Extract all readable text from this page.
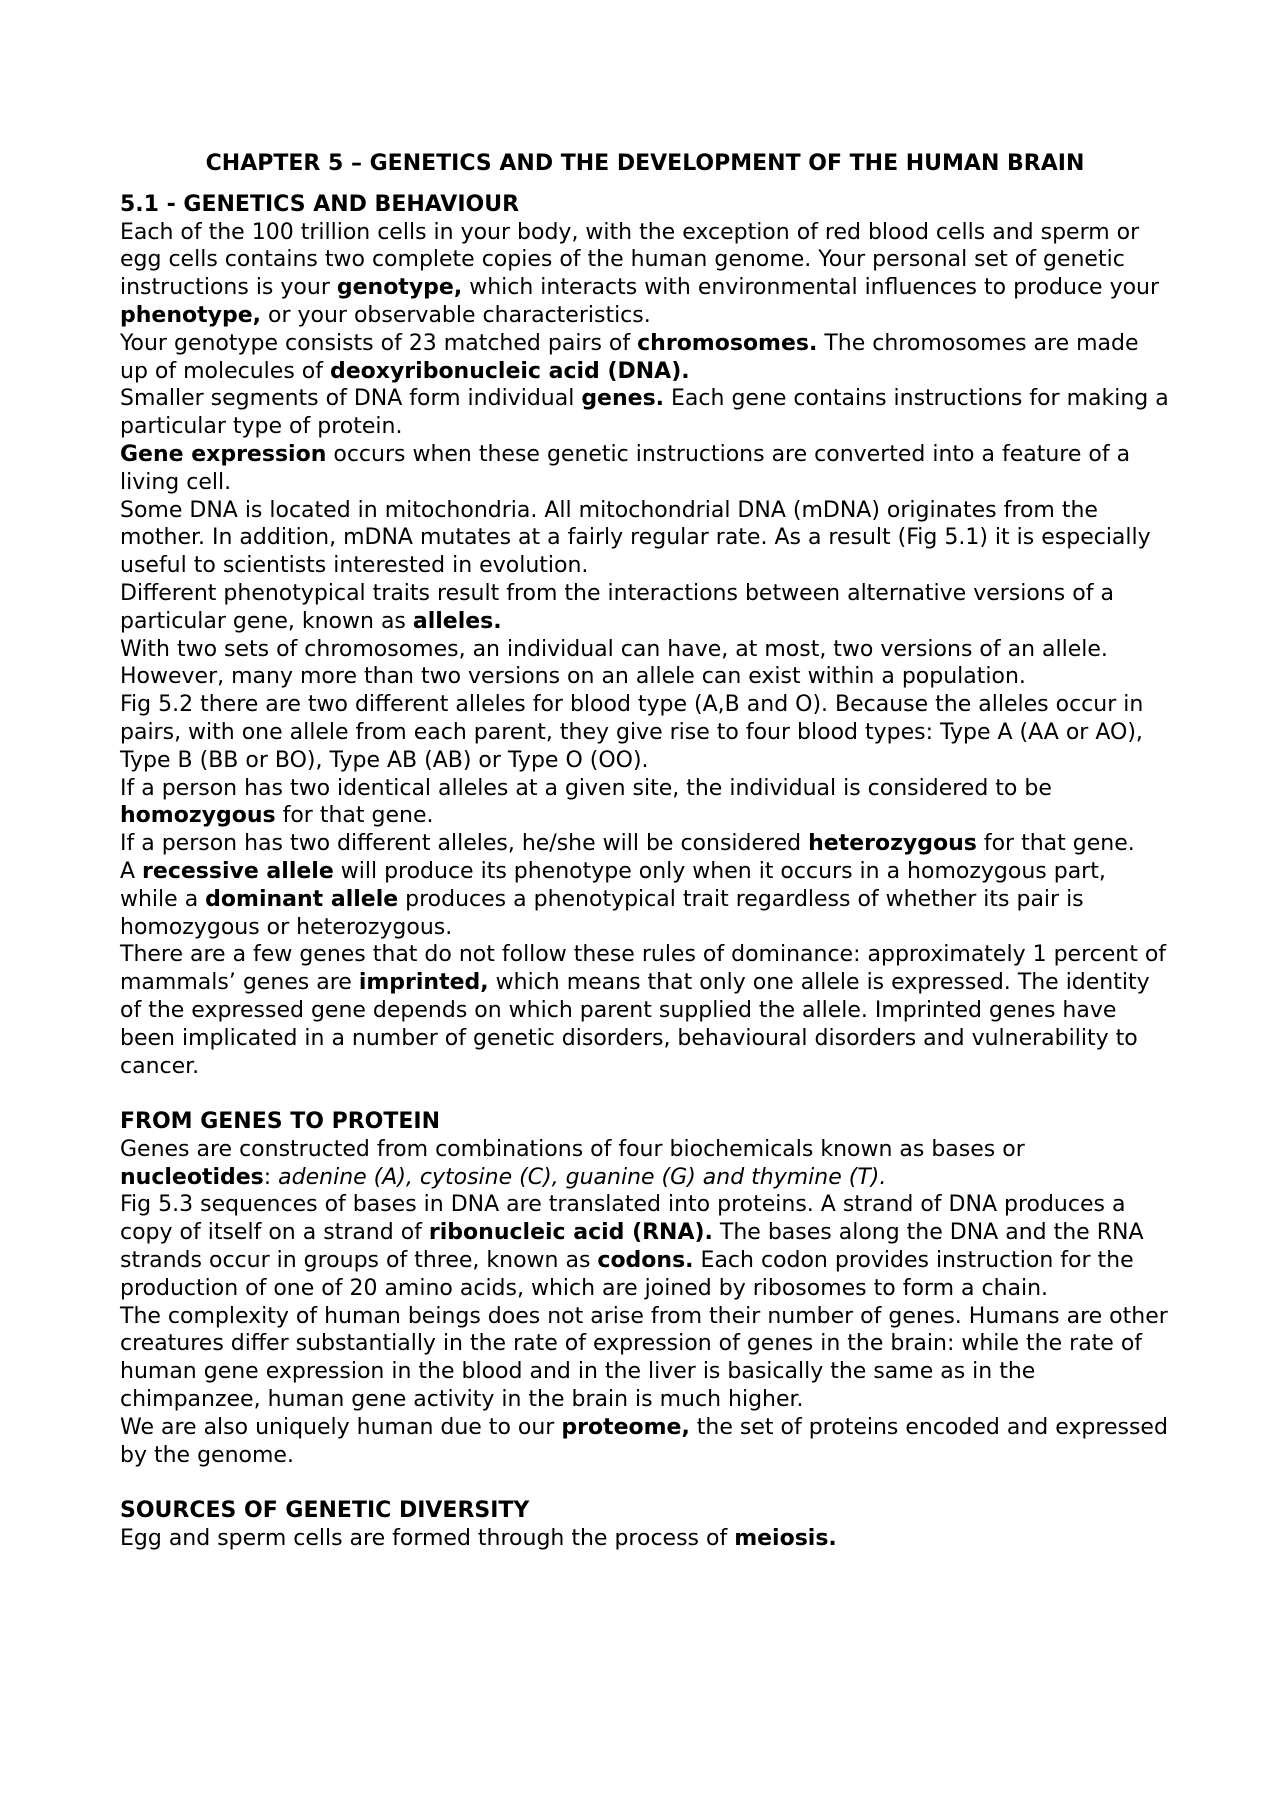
CHAPTER 5 – GENETICS AND THE DEVELOPMENT OF THE HUMAN BRAIN
5.1 - GENETICS AND BEHAVIOUR

Each of the 100 trillion cells in your body, with the exception of red blood cells and sperm or egg cells contains two complete copies of the human genome. Your personal set of genetic instructions is your genotype, which interacts with environmental influences to produce your phenotype, or your observable characteristics.

Your genotype consists of 23 matched pairs of chromosomes. The chromosomes are made up of molecules of deoxyribonucleic acid (DNA).

Smaller segments of DNA form individual genes. Each gene contains instructions for making a particular type of protein.

Gene expression occurs when these genetic instructions are converted into a feature of a living cell.

Some DNA is located in mitochondria. All mitochondrial DNA (mDNA) originates from the mother. In addition, mDNA mutates at a fairly regular rate. As a result (Fig 5.1) it is especially useful to scientists interested in evolution.

Different phenotypical traits result from the interactions between alternative versions of a particular gene, known as alleles.

With two sets of chromosomes, an individual can have, at most, two versions of an allele. However, many more than two versions on an allele can exist within a population.

Fig 5.2 there are two different alleles for blood type (A,B and O). Because the alleles occur in pairs, with one allele from each parent, they give rise to four blood types: Type A (AA or AO), Type B (BB or BO), Type AB (AB) or Type O (OO).

If a person has two identical alleles at a given site, the individual is considered to be homozygous for that gene.

If a person has two different alleles, he/she will be considered heterozygous for that gene.

A recessive allele will produce its phenotype only when it occurs in a homozygous part, while a dominant allele produces a phenotypical trait regardless of whether its pair is homozygous or heterozygous.

There are a few genes that do not follow these rules of dominance: approximately 1 percent of mammals’ genes are imprinted, which means that only one allele is expressed. The identity of the expressed gene depends on which parent supplied the allele. Imprinted genes have been implicated in a number of genetic disorders, behavioural disorders and vulnerability to cancer.

FROM GENES TO PROTEIN

Genes are constructed from combinations of four biochemicals known as bases or nucleotides: adenine (A), cytosine (C), guanine (G) and thymine (T).

Fig 5.3 sequences of bases in DNA are translated into proteins. A strand of DNA produces a copy of itself on a strand of ribonucleic acid (RNA). The bases along the DNA and the RNA strands occur in groups of three, known as codons. Each codon provides instruction for the production of one of 20 amino acids, which are joined by ribosomes to form a chain.

The complexity of human beings does not arise from their number of genes. Humans are other creatures differ substantially in the rate of expression of genes in the brain: while the rate of human gene expression in the blood and in the liver is basically the same as in the chimpanzee, human gene activity in the brain is much higher.

We are also uniquely human due to our proteome, the set of proteins encoded and expressed by the genome.

SOURCES OF GENETIC DIVERSITY

Egg and sperm cells are formed through the process of meiosis.
